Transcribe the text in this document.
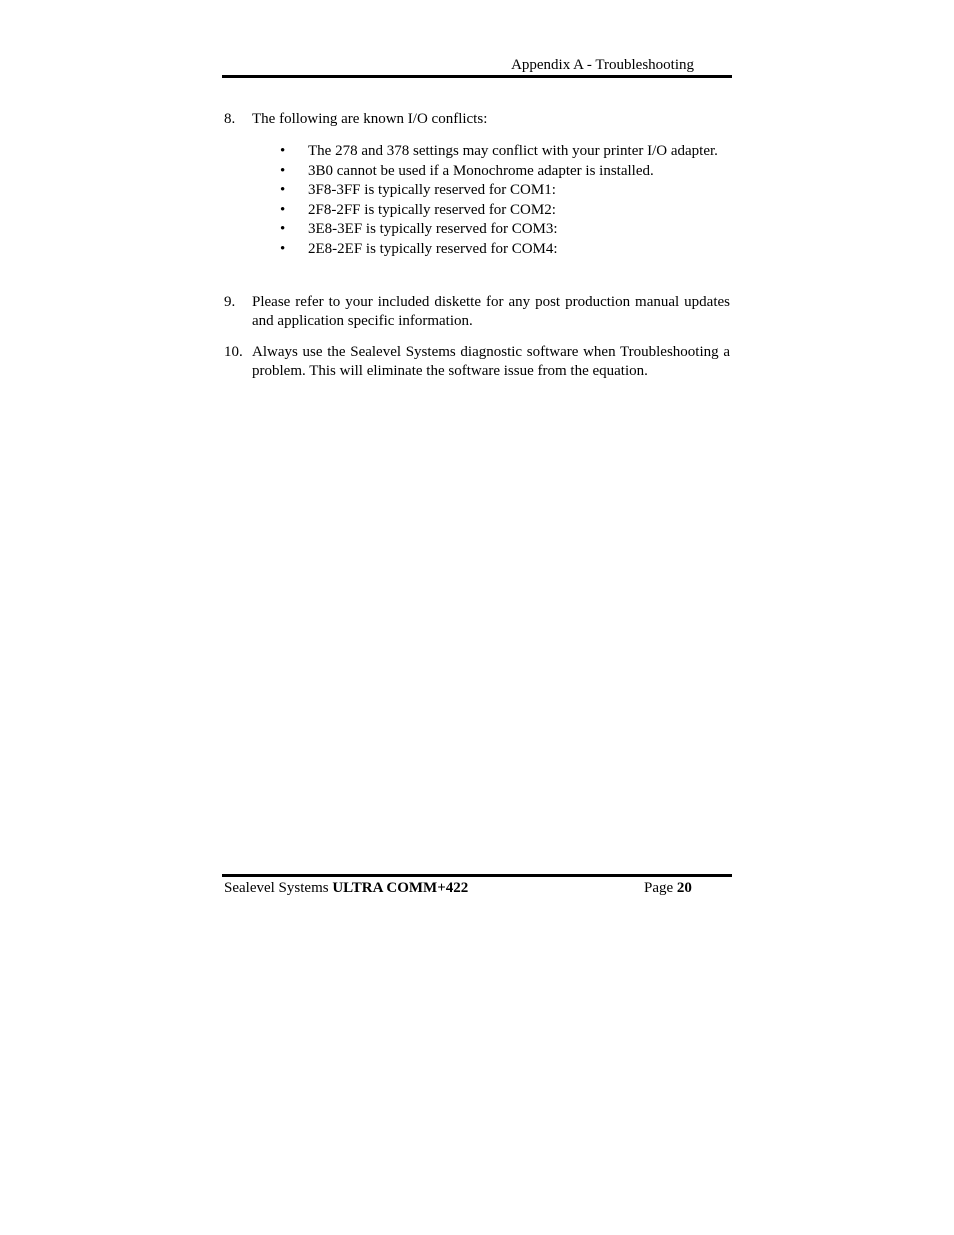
Appendix A - Troubleshooting
8. The following are known I/O conflicts:
• The 278 and 378 settings may conflict with your printer I/O adapter.
• 3B0 cannot be used if a Monochrome adapter is installed.
• 3F8-3FF is typically reserved for COM1:
• 2F8-2FF is typically reserved for COM2:
• 3E8-3EF is typically reserved for COM3:
• 2E8-2EF is typically reserved for COM4:
9. Please refer to your included diskette for any post production manual updates and application specific information.
10. Always use the Sealevel Systems diagnostic software when Troubleshooting a problem. This will eliminate the software issue from the equation.
Sealevel Systems ULTRA COMM+422	Page 20
